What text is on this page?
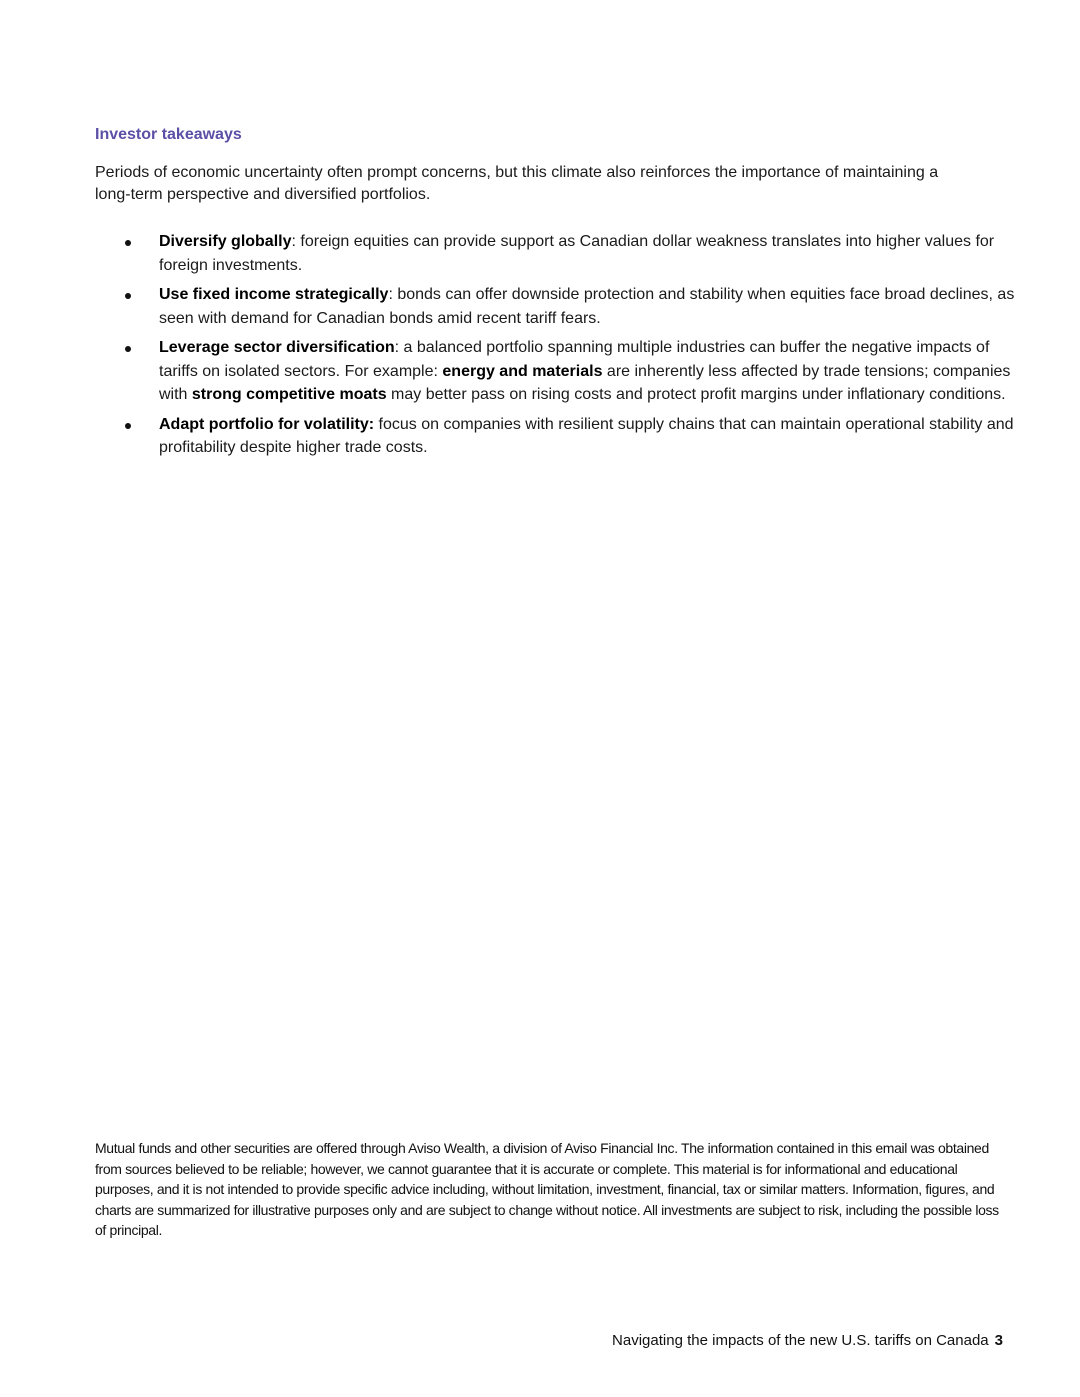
Investor takeaways

Periods of economic uncertainty often prompt concerns, but this climate also reinforces the importance of maintaining a long-term perspective and diversified portfolios.

Diversify globally: foreign equities can provide support as Canadian dollar weakness translates into higher values for foreign investments.
Use fixed income strategically: bonds can offer downside protection and stability when equities face broad declines, as seen with demand for Canadian bonds amid recent tariff fears.
Leverage sector diversification: a balanced portfolio spanning multiple industries can buffer the negative impacts of tariffs on isolated sectors. For example: energy and materials are inherently less affected by trade tensions; companies with strong competitive moats may better pass on rising costs and protect profit margins under inflationary conditions.
Adapt portfolio for volatility: focus on companies with resilient supply chains that can maintain operational stability and profitability despite higher trade costs.

Mutual funds and other securities are offered through Aviso Wealth, a division of Aviso Financial Inc. The information contained in this email was obtained from sources believed to be reliable; however, we cannot guarantee that it is accurate or complete. This material is for informational and educational purposes, and it is not intended to provide specific advice including, without limitation, investment, financial, tax or similar matters. Information, figures, and charts are summarized for illustrative purposes only and are subject to change without notice. All investments are subject to risk, including the possible loss of principal.

Navigating the impacts of the new U.S. tariffs on Canada 3
